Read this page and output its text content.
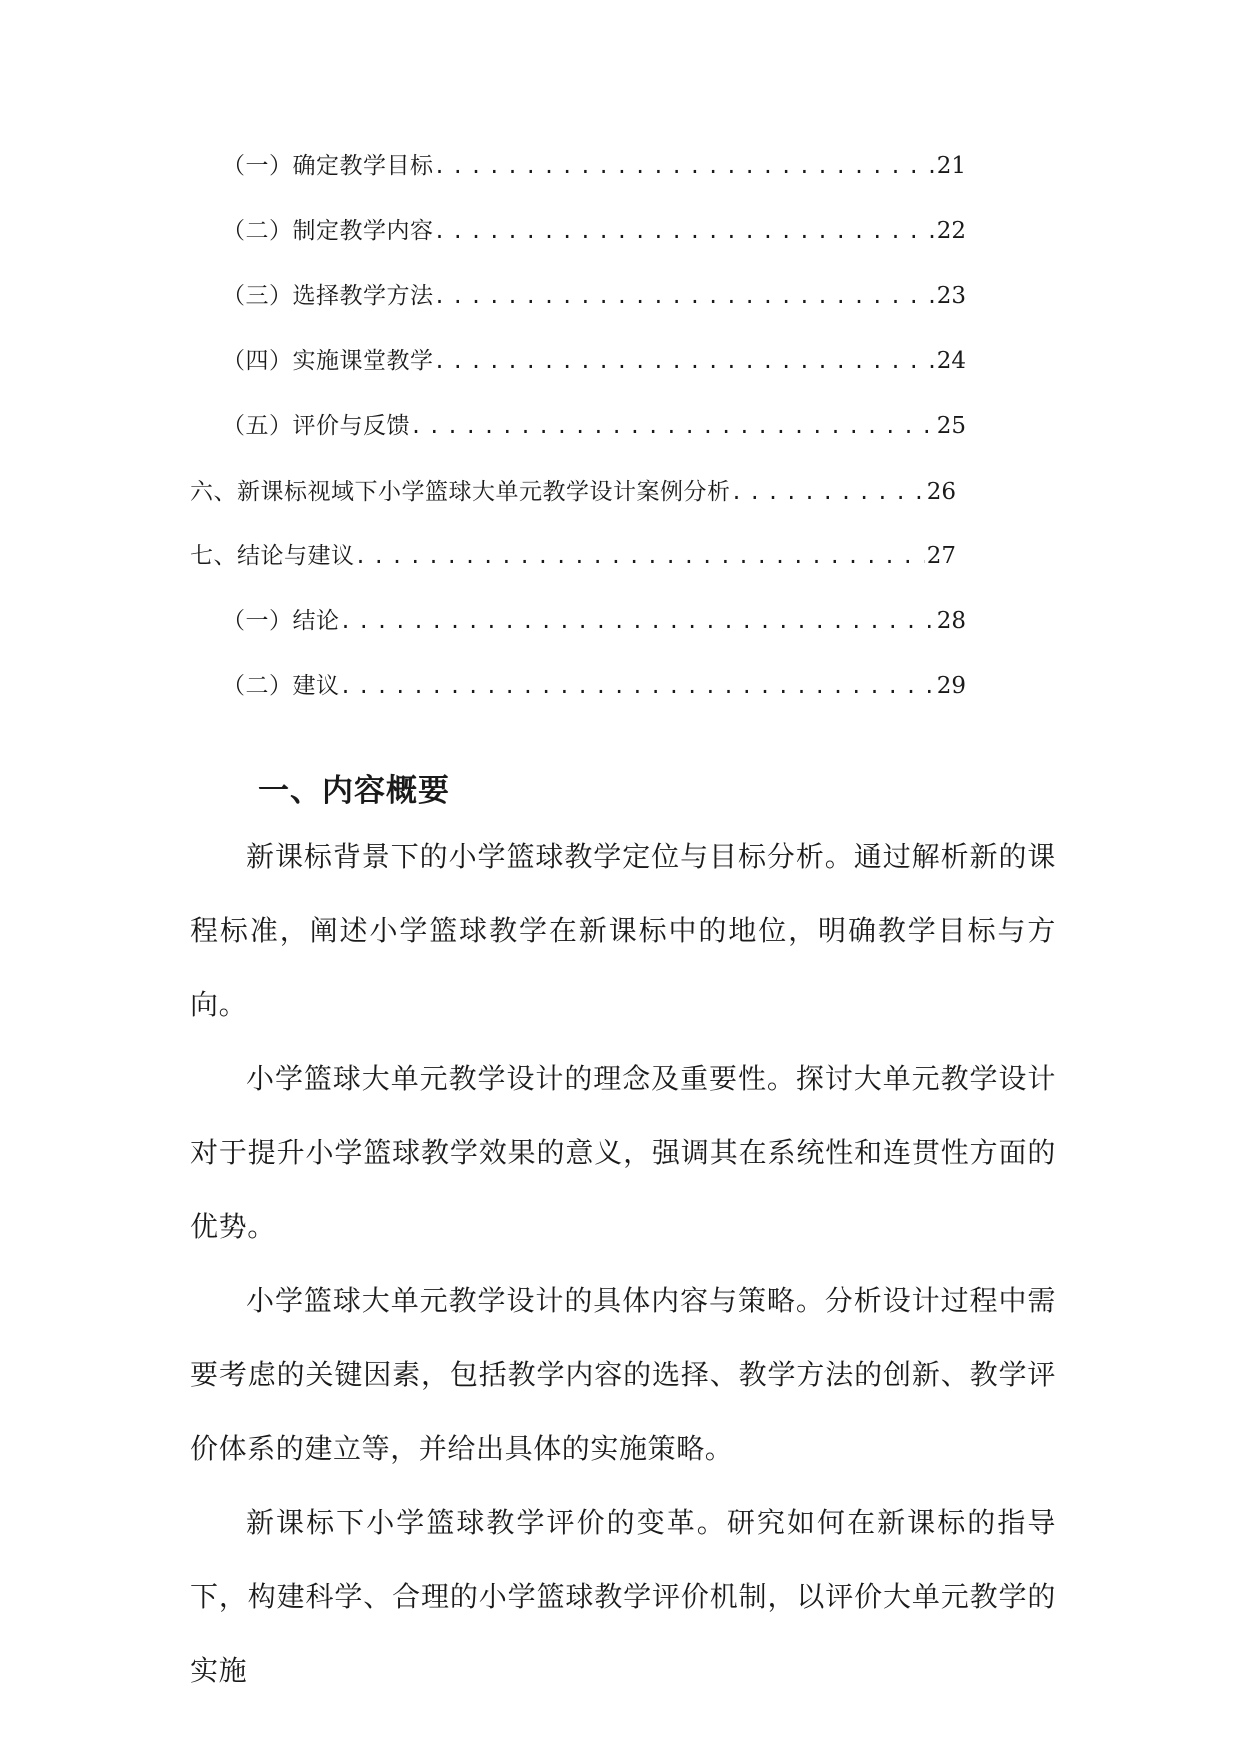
（一）确定教学目标 .....	21
（二）制定教学内容 .....	22
（三）选择教学方法 .....	23
（四）实施课堂教学 .....	24
（五）评价与反馈 .....	25
六、新课标视域下小学篮球大单元教学设计案例分析 .....	26
七、结论与建议 .....	27
（一）结论 .....	28
（二）建议 .....	29
一、内容概要

新课标背景下的小学篮球教学定位与目标分析。通过解析新的课程标准，阐述小学篮球教学在新课标中的地位，明确教学目标与方向。

小学篮球大单元教学设计的理念及重要性。探讨大单元教学设计对于提升小学篮球教学效果的意义，强调其在系统性和连贯性方面的优势。

小学篮球大单元教学设计的具体内容与策略。分析设计过程中需要考虑的关键因素，包括教学内容的选择、教学方法的创新、教学评价体系的建立等，并给出具体的实施策略。

新课标下小学篮球教学评价的变革。研究如何在新课标的指导下，构建科学、合理的小学篮球教学评价机制，以评价大单元教学的实施
